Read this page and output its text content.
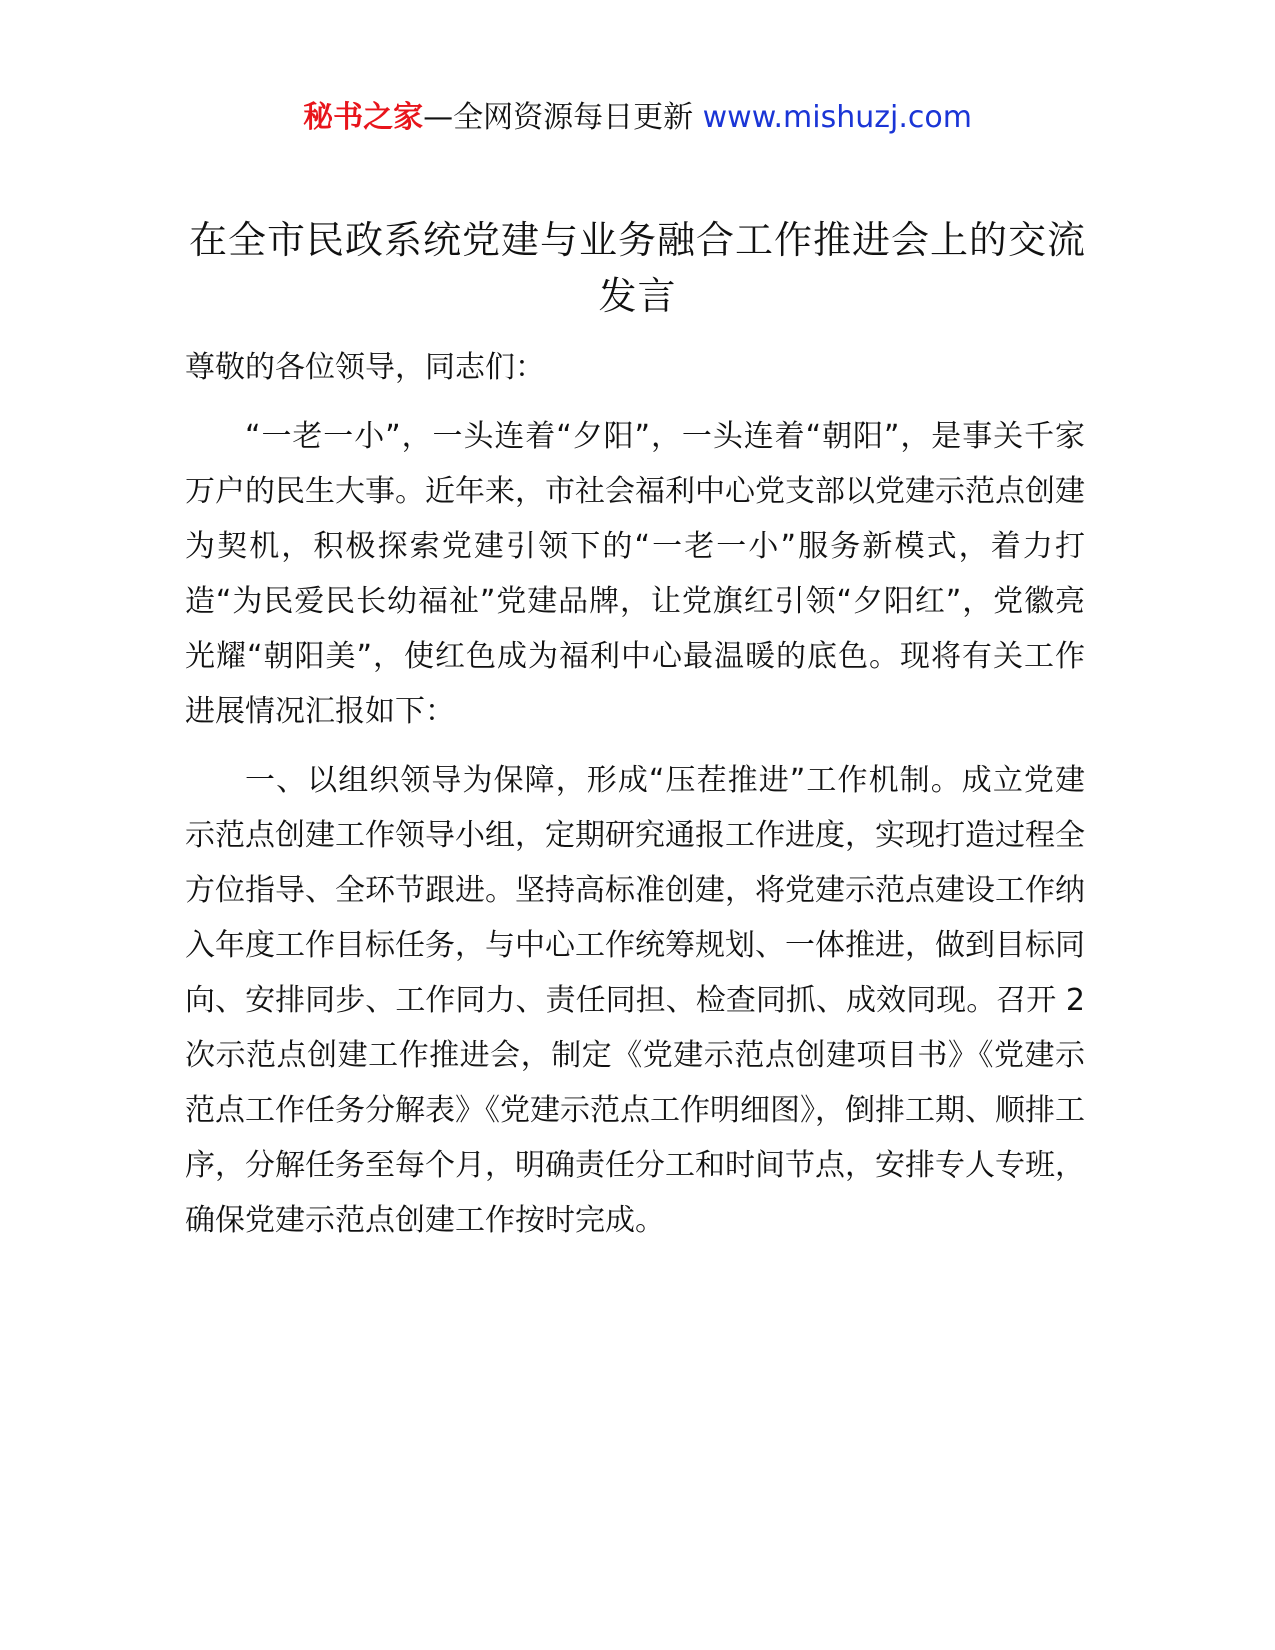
秘书之家—全网资源每日更新 www.mishuzj.com
在全市民政系统党建与业务融合工作推进会上的交流发言

尊敬的各位领导，同志们：

“一老一小”，一头连着“夕阳”，一头连着“朝阳”，是事关千家万户的民生大事。近年来，市社会福利中心党支部以党建示范点创建为契机，积极探索党建引领下的“一老一小”服务新模式，着力打造“为民爱民长幼福祉”党建品牌，让党旗红引领“夕阳红”，党徽亮光耀“朝阳美”，使红色成为福利中心最温暖的底色。现将有关工作进展情况汇报如下：

一、以组织领导为保障，形成“压茬推进”工作机制。成立党建示范点创建工作领导小组，定期研究通报工作进度，实现打造过程全方位指导、全环节跟进。坚持高标准创建，将党建示范点建设工作纳入年度工作目标任务，与中心工作统筹规划、一体推进，做到目标同向、安排同步、工作同力、责任同担、检查同抓、成效同现。召开 2 次示范点创建工作推进会，制定《党建示范点创建项目书》《党建示范点工作任务分解表》《党建示范点工作明细图》，倒排工期、顺排工序，分解任务至每个月，明确责任分工和时间节点，安排专人专班，确保党建示范点创建工作按时完成。
